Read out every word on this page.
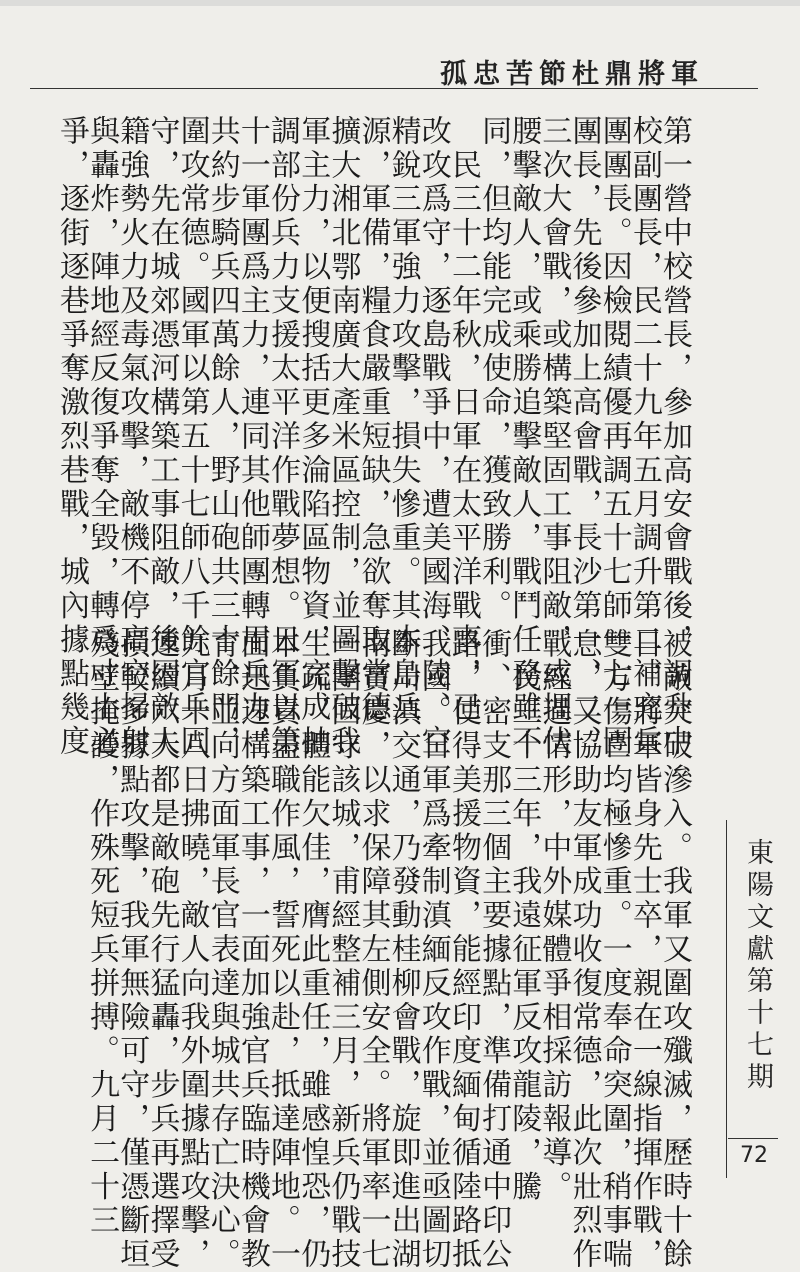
孤忠苦節杜鼎將軍
第一營中校營長，參加高安會戰後，調升中
校副團長，民二十九年五月調升第二補充兵
團團長。因檢閱績優再調五十七師一七一團
團長，先後參加上高會戰，長沙第一、二、
三次大會戰，或構築堅固工事阻敵，或埋伏
腰擊敵人，或乘勝追擊敵人，戰鬥任務雖不
同，但均能完成使命，獲致勝利。
　民三十二年秋，日軍在太平洋戰事，已
改攻爲守，逐島戰爭中，遭美國海、陸、空
精銳三軍強力攻擊，損失慘重。其本島兵
源，軍備，糧食嚴重短缺，急欲奪取常德
擴大湘北鄂南廣大產米區控制，並圖擊破我
軍主力，以便搜括更多淪陷區物資，完成抽
調部份兵力支援太平洋作戰夢想。日軍以第
十一軍團爲主力，連同其他師團轉用兵力，
共約步騎兵四萬餘人，野山砲共三十餘門，
圍攻常德。國軍以第五十七師八千餘官兵固
守，先在城郊憑河構築工事阻敵，後因敵人
籍強勢火力及毒氣攻擊，敵機不停高空掃射
與轟炸，陣地經反復爭奪全毀，轉爲寸土必
爭，逐街逐巷爭奪激烈巷戰，城內據點幾度
被敵突破滲入。我軍又圍攻殲滅，歷時十餘
日，將軍皆身先士卒，親在一線指揮作戰，
雙方傷亡均極慘重。一度奉命突圍，稍事喘
息，又協助友軍成功收復常德，此次壯烈作
戰經過情形，中外媒體爭相採訪報導。
　民三十三年，我遠征軍反攻龍陵，騰
衝、密支那三個主要據點，準備打通中印公
路，使得美援物資，能經印度緬甸循陸路抵
我國。日軍爲牽制滇緬反攻作戰，並亟圖切
斷川滇交通，乃發動桂柳會戰，旋即進出湖
南寶慶，以求保障其左側安全。將軍率一七
一團固守該城，甫經整補三月，新兵仍戰技
生疏，體能欠佳，膺此重任，雖感惶恐，仍
本負責盡職作風，誓死以赴，抵達陣地。一
面迅速構築工事，一面加強官兵臨時機會教
育，並向方面軍長官表達與城共存亡決心。
九月十八日拂曉，敵人向我外圍據點攻擊，
連續六天都是敵砲先行猛轟，步兵再選擇受
損較多據點攻擊，我軍無險可守，僅憑斷垣
殘壁掩護，作殊死短兵拼搏。九月二十三	東陽文獻第十七期
72
